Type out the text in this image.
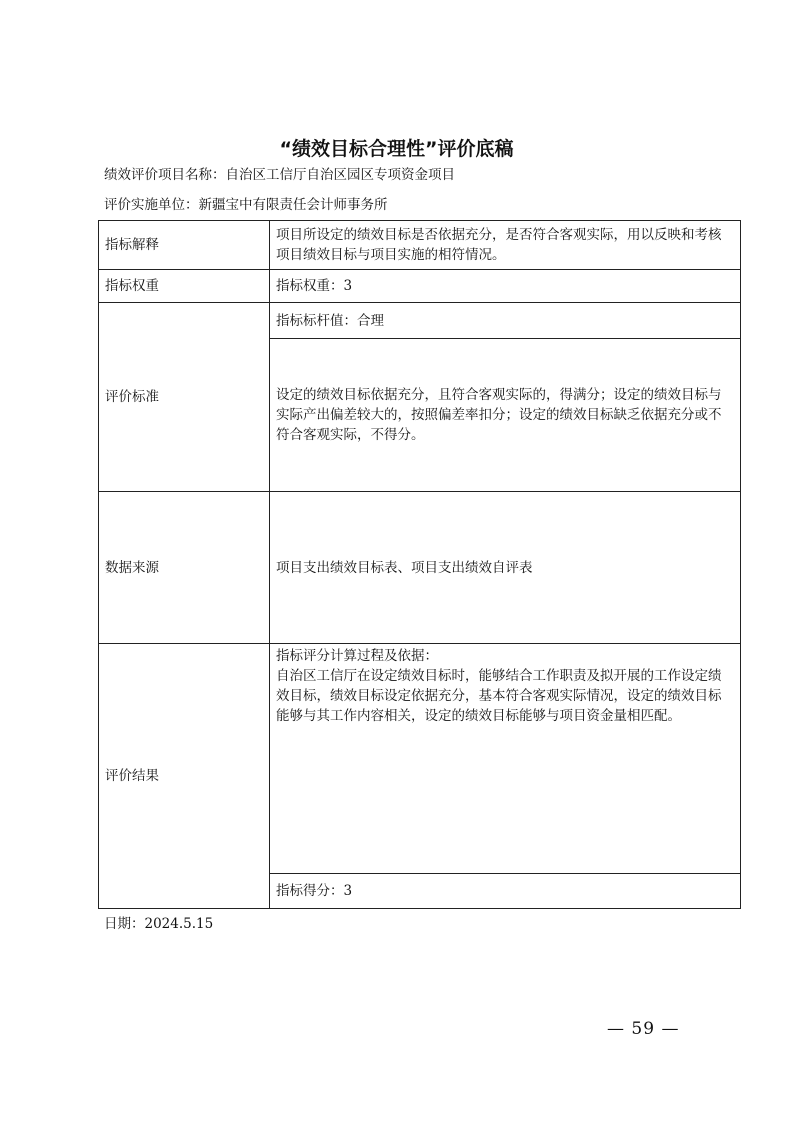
“绩效目标合理性”评价底稿
绩效评价项目名称：自治区工信厅自治区园区专项资金项目
评价实施单位：新疆宝中有限责任会计师事务所
指标解释	项目所设定的绩效目标是否依据充分，是否符合客观实际，用以反映和考核项目绩效目标与项目实施的相符情况。
指标权重	指标权重：3
评价标准	指标标杆值：合理
	设定的绩效目标依据充分，且符合客观实际的，得满分；设定的绩效目标与实际产出偏差较大的，按照偏差率扣分；设定的绩效目标缺乏依据充分或不符合客观实际，不得分。
数据来源	项目支出绩效目标表、项目支出绩效自评表
评价结果	指标评分计算过程及依据：
自治区工信厅在设定绩效目标时，能够结合工作职责及拟开展的工作设定绩效目标，绩效目标设定依据充分，基本符合客观实际情况，设定的绩效目标能够与其工作内容相关，设定的绩效目标能够与项目资金量相匹配。

	指标得分：3
日期：2024.5.15
— 59 —
